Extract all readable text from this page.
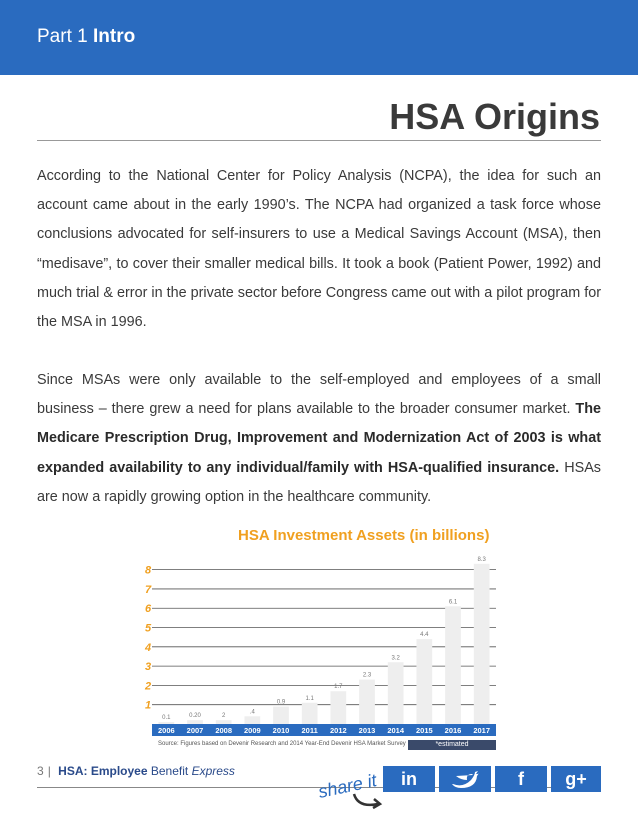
Part 1 Intro
HSA Origins

According to the National Center for Policy Analysis (NCPA), the idea for such an account came about in the early 1990’s. The NCPA had organized a task force whose conclusions advocated for self-insurers to use a Medical Savings Account (MSA), then “medisave”, to cover their smaller medical bills. It took a book (Patient Power, 1992) and much trial & error in the private sector before Congress came out with a pilot program for the MSA in 1996.

Since MSAs were only available to the self-employed and employees of a small business – there grew a need for plans available to the broader consumer market. The Medicare Prescription Drug, Improvement and Modernization Act of 2003 is what expanded availability to any individual/family with HSA-qualified insurance. HSAs are now a rapidly growing option in the healthcare community.

HSA Investment Assets (in billions)
1
2
3
4
5
6
7
8
0.1	0.20	2
.4
0.9
1.1
1.7
2.3
3.2
4.4
6.1
8.3
2006 2007 2008 2009 2010 2011 2012 2013 2014 2015 2016 2017
Source: Figures based on Devenir Research and 2014 Year-End Devenir HSA Market Survey	*estimated
3 | HSA: Employee Benefit Express	share it	in	f	g+
